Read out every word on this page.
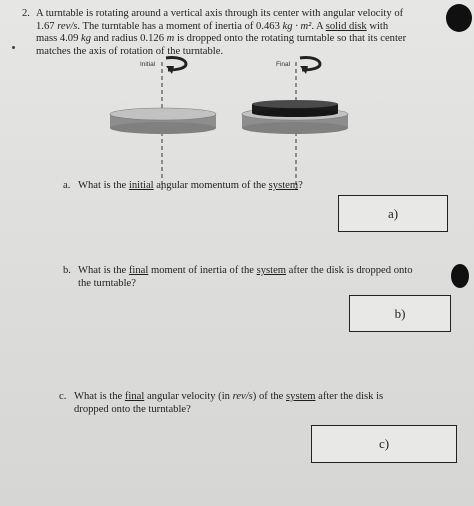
2. A turntable is rotating around a vertical axis through its center with angular velocity of
1.67 rev/s. The turntable has a moment of inertia of 0.463 kg · m². A solid disk with
mass 4.09 kg and radius 0.126 m is dropped onto the rotating turntable so that its center
matches the axis of rotation of the turntable.
Initial	Final
a. What is the initial angular momentum of the system?
a)
b. What is the final moment of inertia of the system after the disk is dropped onto
the turntable?
b)
c. What is the final angular velocity (in rev/s) of the system after the disk is
dropped onto the turntable?
c)
